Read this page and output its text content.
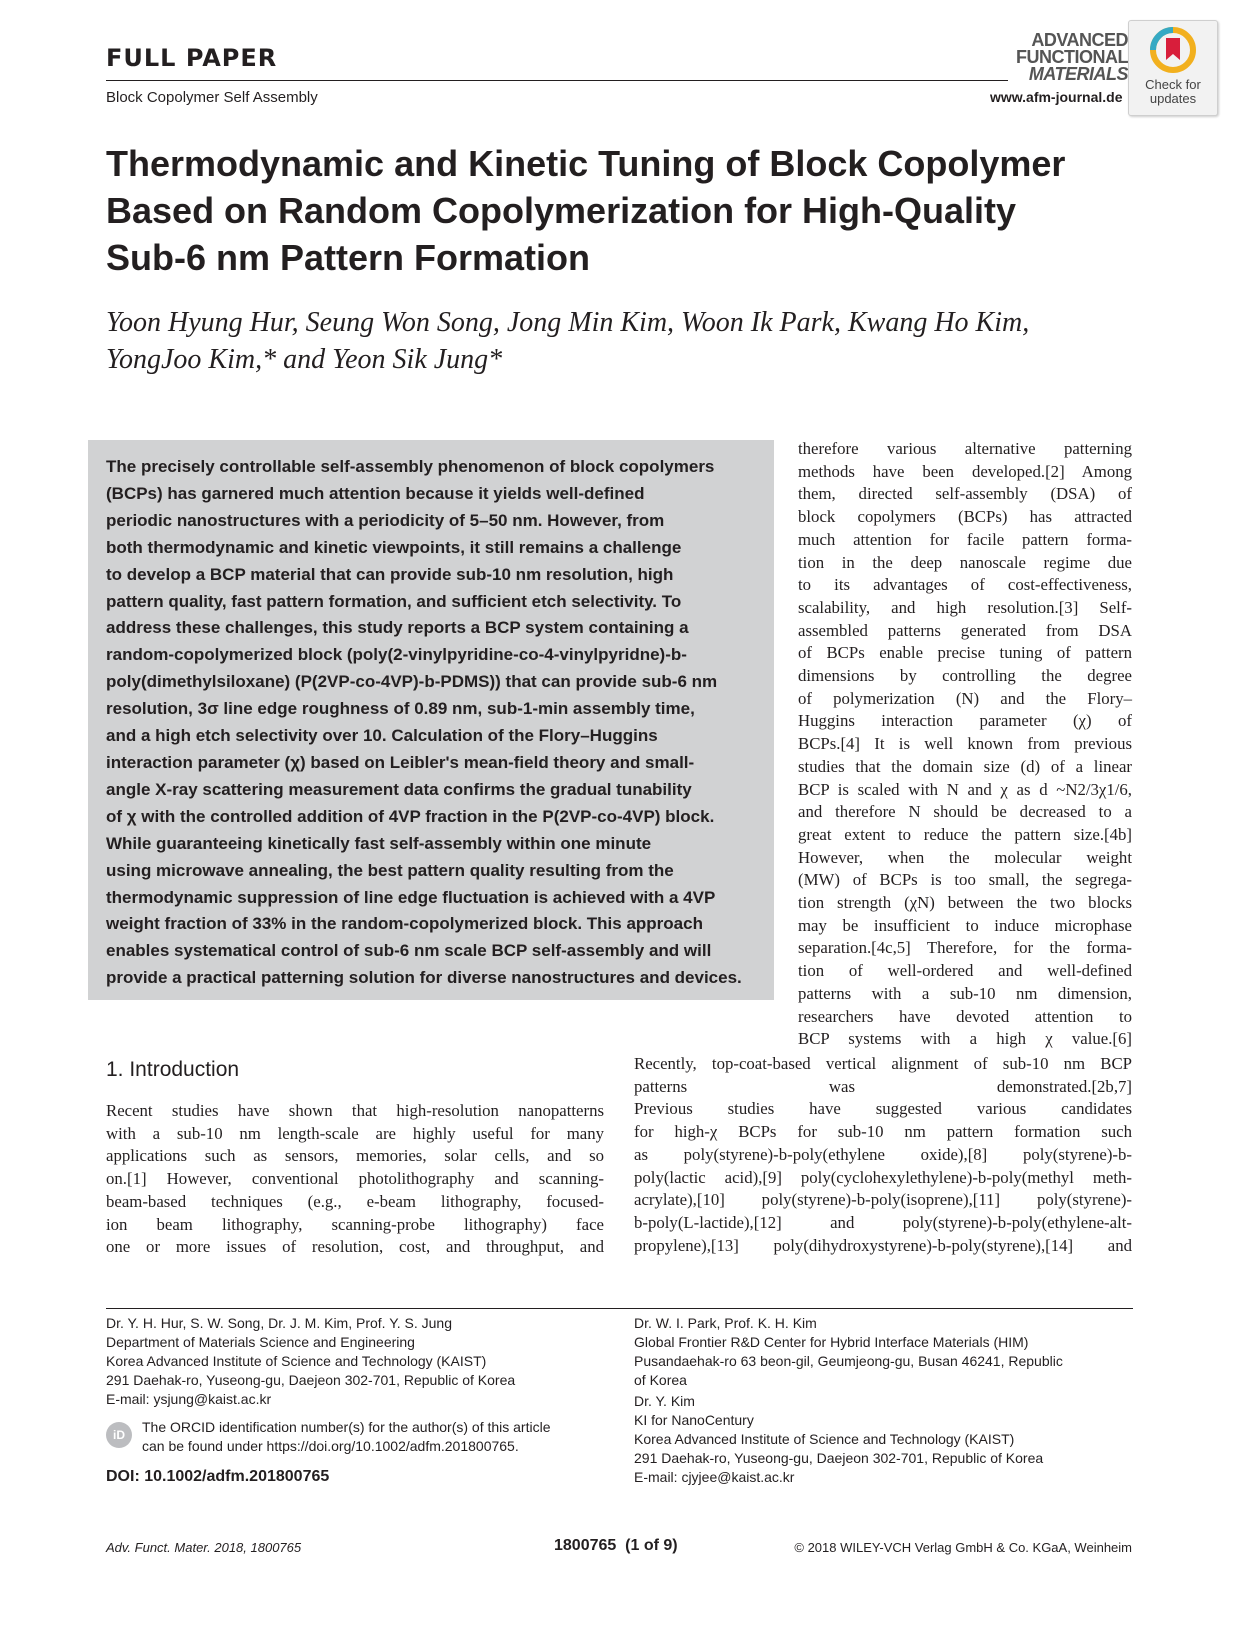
FULL PAPER
Block Copolymer Self Assembly
ADVANCED
FUNCTIONAL
MATERIALS
www.afm-journal.de
Check for updates
Thermodynamic and Kinetic Tuning of Block Copolymer Based on Random Copolymerization for High-Quality Sub-6 nm Pattern Formation
Yoon Hyung Hur, Seung Won Song, Jong Min Kim, Woon Ik Park, Kwang Ho Kim,
YongJoo Kim,* and Yeon Sik Jung*
The precisely controllable self-assembly phenomenon of block copolymers
(BCPs) has garnered much attention because it yields well-defined
periodic nanostructures with a periodicity of 5–50 nm. However, from
both thermodynamic and kinetic viewpoints, it still remains a challenge
to develop a BCP material that can provide sub-10 nm resolution, high
pattern quality, fast pattern formation, and sufficient etch selectivity. To
address these challenges, this study reports a BCP system containing a
random-copolymerized block (poly(2-vinylpyridine-co-4-vinylpyridne)-b-
poly(dimethylsiloxane) (P(2VP-co-4VP)-b-PDMS)) that can provide sub-6 nm
resolution, 3σ line edge roughness of 0.89 nm, sub-1-min assembly time,
and a high etch selectivity over 10. Calculation of the Flory–Huggins
interaction parameter (χ) based on Leibler's mean-field theory and small-
angle X-ray scattering measurement data confirms the gradual tunability
of χ with the controlled addition of 4VP fraction in the P(2VP-co-4VP) block.
While guaranteeing kinetically fast self-assembly within one minute
using microwave annealing, the best pattern quality resulting from the
thermodynamic suppression of line edge fluctuation is achieved with a 4VP
weight fraction of 33% in the random-copolymerized block. This approach
enables systematical control of sub-6 nm scale BCP self-assembly and will
provide a practical patterning solution for diverse nanostructures and devices.
therefore various alternative patterning
methods have been developed.[2] Among
them, directed self-assembly (DSA) of
block copolymers (BCPs) has attracted
much attention for facile pattern forma-
tion in the deep nanoscale regime due
to its advantages of cost-effectiveness,
scalability, and high resolution.[3] Self-
assembled patterns generated from DSA
of BCPs enable precise tuning of pattern
dimensions by controlling the degree
of polymerization (N) and the Flory–
Huggins interaction parameter (χ) of
BCPs.[4] It is well known from previous
studies that the domain size (d) of a linear
BCP is scaled with N and χ as d ~N2/3χ1/6,
and therefore N should be decreased to a
great extent to reduce the pattern size.[4b]
However, when the molecular weight
(MW) of BCPs is too small, the segrega-
tion strength (χN) between the two blocks
may be insufficient to induce microphase
separation.[4c,5] Therefore, for the forma-
tion of well-ordered and well-defined
patterns with a sub-10 nm dimension,
researchers have devoted attention to
BCP systems with a high χ value.[6]
Recently, top-coat-based vertical alignment of sub-10 nm BCP
patterns was demonstrated.[2b,7]
Previous studies have suggested various candidates
for high-χ BCPs for sub-10 nm pattern formation such
as poly(styrene)-b-poly(ethylene oxide),[8] poly(styrene)-b-
poly(lactic acid),[9] poly(cyclohexylethylene)-b-poly(methyl meth-
acrylate),[10] poly(styrene)-b-poly(isoprene),[11] poly(styrene)-
b-poly(L-lactide),[12] and poly(styrene)-b-poly(ethylene-alt-
propylene),[13] poly(dihydroxystyrene)-b-poly(styrene),[14] and
1. Introduction
Recent studies have shown that high-resolution nanopatterns
with a sub-10 nm length-scale are highly useful for many
applications such as sensors, memories, solar cells, and so
on.[1] However, conventional photolithography and scanning-
beam-based techniques (e.g., e-beam lithography, focused-
ion beam lithography, scanning-probe lithography) face
one or more issues of resolution, cost, and throughput, and
Dr. Y. H. Hur, S. W. Song, Dr. J. M. Kim, Prof. Y. S. Jung
Department of Materials Science and Engineering
Korea Advanced Institute of Science and Technology (KAIST)
291 Daehak-ro, Yuseong-gu, Daejeon 302-701, Republic of Korea
E-mail: ysjung@kaist.ac.kr
iD	The ORCID identification number(s) for the author(s) of this article
can be found under https://doi.org/10.1002/adfm.201800765.
DOI: 10.1002/adfm.201800765
Dr. W. I. Park, Prof. K. H. Kim
Global Frontier R&D Center for Hybrid Interface Materials (HIM)
Pusandaehak-ro 63 beon-gil, Geumjeong-gu, Busan 46241, Republic
of Korea
Dr. Y. Kim
KI for NanoCentury
Korea Advanced Institute of Science and Technology (KAIST)
291 Daehak-ro, Yuseong-gu, Daejeon 302-701, Republic of Korea
E-mail: cjyjee@kaist.ac.kr
Adv. Funct. Mater. 2018, 1800765	1800765  (1 of 9)	© 2018 WILEY-VCH Verlag GmbH & Co. KGaA, Weinheim
